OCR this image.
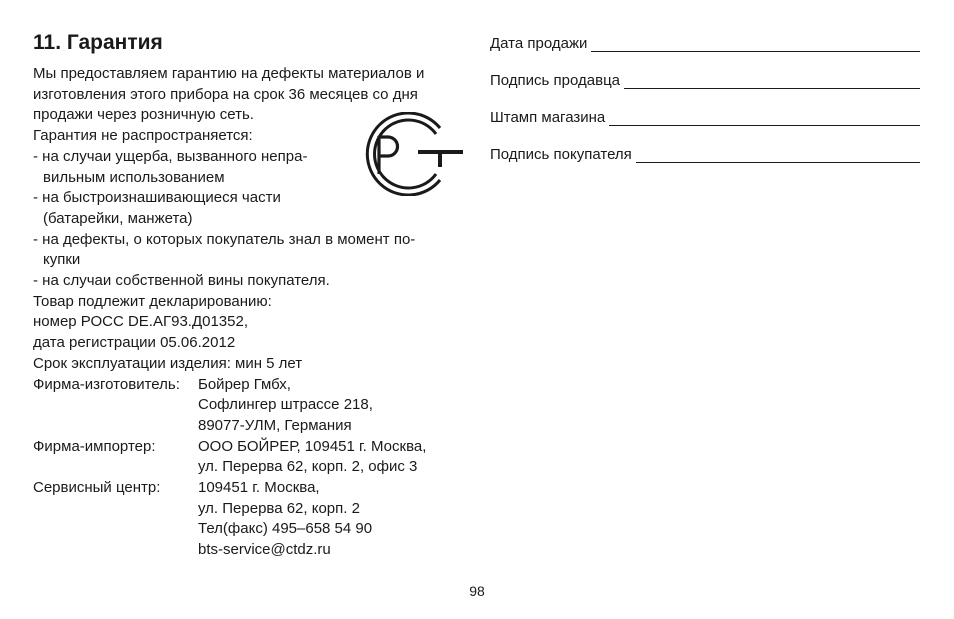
11. Гарантия
Мы предоставляем гарантию на дефекты материалов и
изготовления этого прибора на срок 36 месяцев со дня
продажи через розничную сеть.
Гарантия не распространяется:
- на случаи ущерба, вызванного непра-
вильным использованием
- на быстроизнашивающиеся части
(батарейки, манжета)
- на дефекты, о которых покупатель знал в момент по-
купки
- на случаи собственной вины покупателя.
Товар подлежит декларированию:
номер РОСС DE.АГ93.Д01352,
дата регистрации 05.06.2012
Срок эксплуатации изделия: мин 5 лет
Фирма-изготовитель:	Бойрер Гмбх,
Софлингер штрассе 218,
89077-УЛМ, Германия
Фирма-импортер:	ООО БОЙРЕР, 109451 г. Москва,
ул. Перерва 62, корп. 2, офис 3
Сервисный центр:	109451 г. Москва,
ул. Перерва 62, корп. 2
Тел(факс) 495–658 54 90
bts-service@ctdz.ru
Дата продажи
Подпись продавца
Штамп магазина
Подпись покупателя
98
